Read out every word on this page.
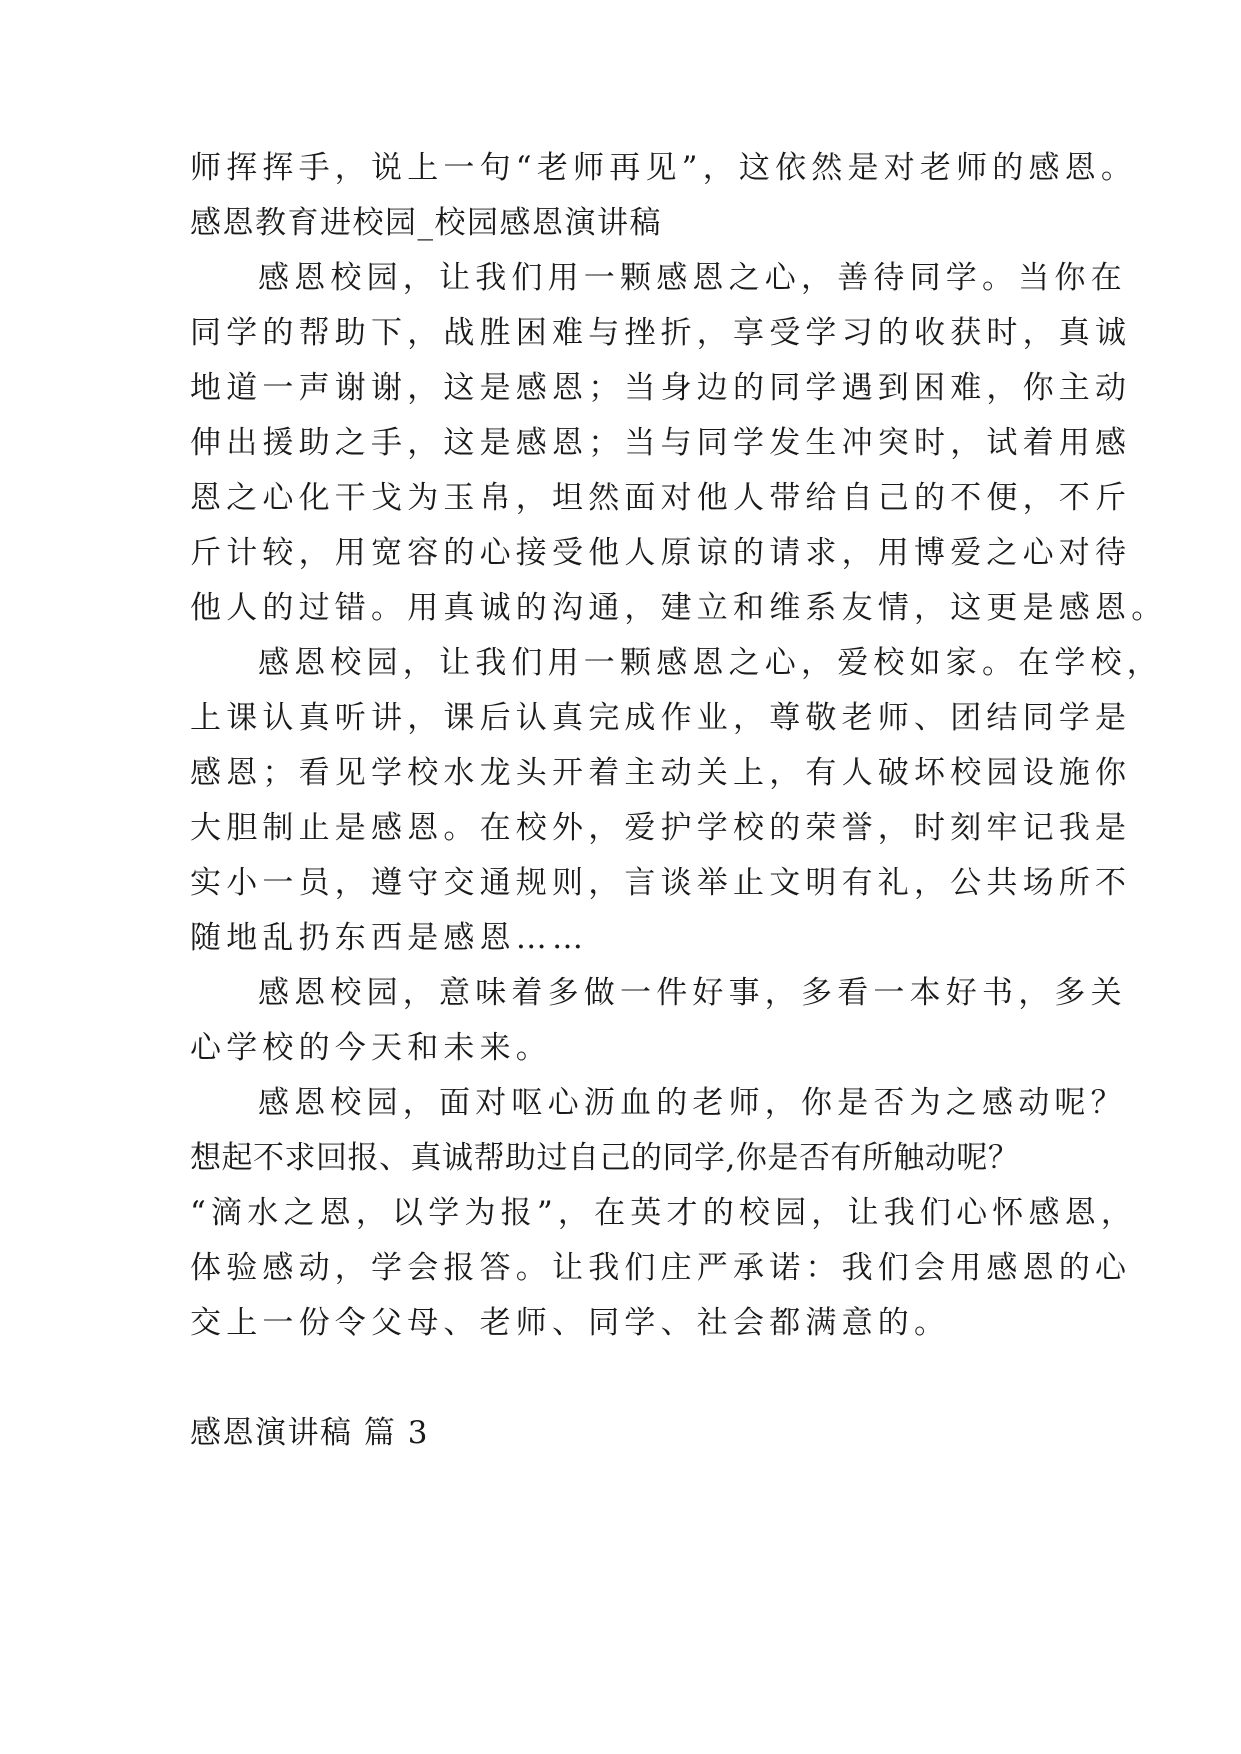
师挥挥手，说上一句“老师再见”，这依然是对老师的感恩。
感恩教育进校园_校园感恩演讲稿
感恩校园，让我们用一颗感恩之心，善待同学。当你在
同学的帮助下，战胜困难与挫折，享受学习的收获时，真诚
地道一声谢谢，这是感恩；当身边的同学遇到困难，你主动
伸出援助之手，这是感恩；当与同学发生冲突时，试着用感
恩之心化干戈为玉帛，坦然面对他人带给自己的不便，不斤
斤计较，用宽容的心接受他人原谅的请求，用博爱之心对待
他人的过错。用真诚的沟通，建立和维系友情，这更是感恩。
感恩校园，让我们用一颗感恩之心，爱校如家。在学校，
上课认真听讲，课后认真完成作业，尊敬老师、团结同学是
感恩；看见学校水龙头开着主动关上，有人破坏校园设施你
大胆制止是感恩。在校外，爱护学校的荣誉，时刻牢记我是
实小一员，遵守交通规则，言谈举止文明有礼，公共场所不
随地乱扔东西是感恩……
感恩校园，意味着多做一件好事，多看一本好书，多关
心学校的今天和未来。
感恩校园，面对呕心沥血的老师，你是否为之感动呢？
想起不求回报、真诚帮助过自己的同学,你是否有所触动呢？
“滴水之恩，以学为报”，在英才的校园，让我们心怀感恩，
体验感动，学会报答。让我们庄严承诺：我们会用感恩的心
交上一份令父母、老师、同学、社会都满意的。
感恩演讲稿 篇 3
